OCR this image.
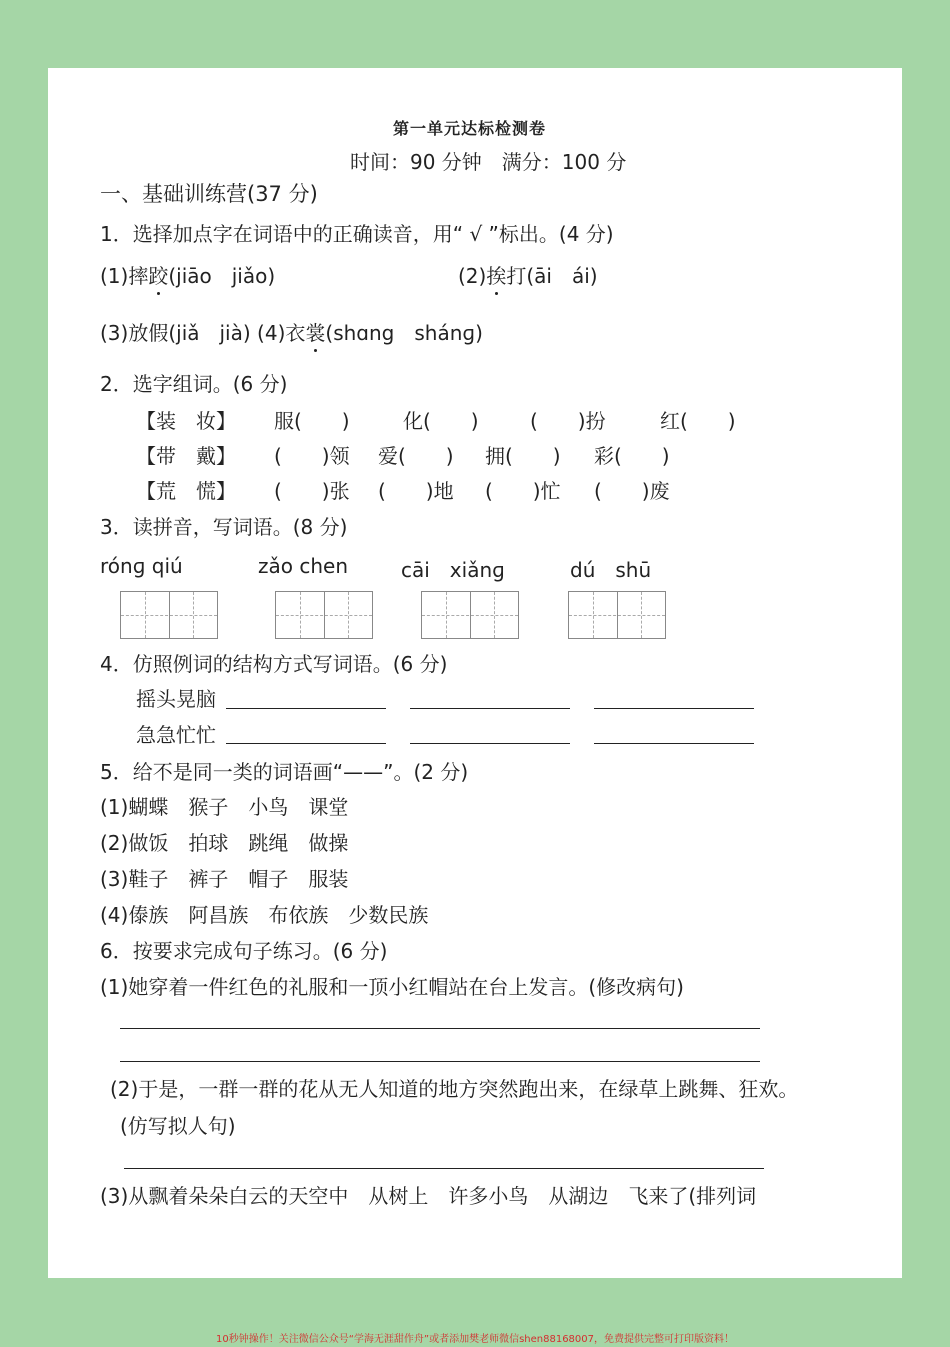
第一单元达标检测卷
时间：90 分钟　满分：100 分
一、基础训练营(37 分)
1．选择加点字在词语中的正确读音，用“ √ ”标出。(4 分)
(1)摔跤(jiāo　jiǎo)	(2)挨打(āi　ái)
(3)放假(jiǎ　jià) (4)衣裳(shɑng　shánɡ)
2．选字组词。(6 分)
【装　妆】 服(　　)	化(　　)	(　　)扮	红(　　)
【带　戴】 (　　)领 爱(　　) 拥(　　) 彩(　　)
【荒　慌】 (　　)张 (　　)地 (　　)忙 (　　)废
3．读拼音，写词语。(8 分)
rónɡ qiú	zǎo chen	cāi　xiǎnɡ	dú　shū
4．仿照例词的结构方式写词语。(6 分)
摇头晃脑
急急忙忙
5．给不是同一类的词语画“——”。(2 分)
(1)蝴蝶　猴子　小鸟　课堂
(2)做饭　拍球　跳绳　做操
(3)鞋子　裤子　帽子　服装
(4)傣族　阿昌族　布依族　少数民族
6．按要求完成句子练习。(6 分)
(1)她穿着一件红色的礼服和一顶小红帽站在台上发言。(修改病句)
(2)于是，一群一群的花从无人知道的地方突然跑出来，在绿草上跳舞、狂欢。
(仿写拟人句)
(3)从飘着朵朵白云的天空中　从树上　许多小鸟　从湖边　飞来了(排列词
10秒钟操作！关注微信公众号“学海无涯甜作舟”或者添加樊老师微信shen88168007，免费提供完整可打印版资料！
